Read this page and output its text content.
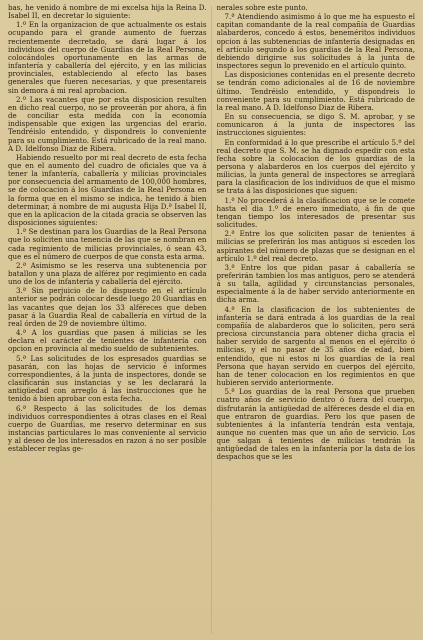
bas, he venido á nombre de mi excelsa hija la Reina D. Isabel II, en decretar lo siguiente:

1.º En la organizacion de que actualmente os estais ocupando para el grande aumento de fuerzas recientemente decretado, se dará lugar á los individuos del cuerpo de Guardias de la Real Persona, colocándoles oportunamente en las armas de infantería y caballería del ejército, y en las milicias provinciales, estableciendo al efecto las bases generales que fueren necesarias, y que presentareis sin demora á mi real aprobacion.

2.º Las vacantes que por esta disposicion resulten en dicho real cuerpo, no se proveerán por ahora, á fin de conciliar esta medida con la economía indispensable que exigen las urgencias del erario. Tendréislo entendido, y dispondreis lo conveniente para su cumplimiento. Está rubricado de la real mano. A D. Idelfonso Diaz de Ribera.

Habiendo resuelto por mi real decreto de esta fecha que en el aumento del cuadro de oficiales que va á tener la infantería, caballería y milicias provinciales por consecuencia del armamento de 100,000 hombres, se de colocacion á los Guardias de la Real Persona en la forma que en el mismo se indica, he tenido á bien determinar, á nombre de mi augusta Hija D.ª Isabel II, que en la aplicacion de la citada gracia se observen las disposiciones siguientes:

1.ª Se destinan para los Guardias de la Real Persona que lo soliciten una tenencia de las que se nombran en cada regimiento de milicias provinciales, ó sean 43, que es el número de cuerpos de que consta esta arma.

2.ª Asimismo se les reserva una subtenencia por batallon y una plaza de alférez por regimiento en cada uno de los de infantería y caballería del ejército.

3.ª Sin perjuicio de lo dispuesto en el artículo anterior se podrán colocar desde luego 20 Guardias en las vacantes que dejan los 33 alféreces que deben pasar á la Guardia Real de caballería en virtud de la real órden de 29 de noviembre último.

4.ª A los guardias que pasen á milicias se les declara el carácter de tenientes de infantería con opcion en provincia al medio sueldo de subtenientes.

5.ª Las solicitudes de los espresados guardias se pasarán, con las hojas de servicio é informes correspondientes, á la junta de inspectores, donde se clasificarán sus instancias y se les declarará la antigüedad con arreglo á las instrucciones que he tenido á bien aprobar con esta fecha.

6.ª Respecto á las solicitudes de los demas individuos correspondientes á otras clases en el Real cuerpo de Guardias, me reservo determinar en sus instancias particulares lo mas conveniente al servicio y al deseo de los interesados en razon á no ser posible establecer reglas ge-

nerales sobre este punto.

7.ª Atendiendo asimismo á lo que me ha espuesto el capitan comandante de la real compañía de Guardias alabarderos, concedo á estos, beneméritos individuos opcion á las subtenencias de infantería designadas en el artículo segundo á los guardias de la Real Persona, debiendo dirigirse sus solicitudes á la junta de inspectores segun lo prevenido en el artículo quinto.

Las disposiciones contenidas en el presente decreto se tendrán como adicionales al de 16 de noviembre último. Tendréislo entendido, y dispondreis lo conveniente para su cumplimiento. Está rubricado de la real mano. A D. Idelfonso Diaz de Ribera.

En su consecuencia, se digo S. M. aprobar, y se comunicaron á la junta de inspectores las instrucciones siguientes:

En conformidad á lo que prescribe el artículo 5.º del real decreto que S. M. se ha dignado espedir con esta fecha sobre la colocacion de los guardias de la persona y alabarderos en los cuerpos del ejército y milicias, la junta general de inspectores se arreglará para la clasificacion de los individuos de que el mismo se trata á las disposiciones que siguen:

1.ª No procederá á la clasificacion que se le comete hasta el dia 1.º de enero inmediato, á fin de que tengan tiempo los interesados de presentar sus solicitudes.

2.ª Entre los que soliciten pasar de tenientes á milicias se preferirán los mas antiguos si esceden los aspirantes del número de plazas que se designan en el artículo 1.º del real decreto.

3.ª Entre los que pidan pasar á caballería se preferirán tambien los mas antiguos, pero se atenderá á su talla, agilidad y circunstancias personales, especialmente á la de haber servido anteriormente en dicha arma.

4.ª En la clasificacion de los subtenientes de infantería se dará entrada á los guardias de la real compañía de alabarderos que lo soliciten, pero será preciosa circunstancia para obtener dicha gracia el haber servido de sargento al menos en el ejército ó milicias, y el no pasar de 35 años de edad, bien entendido, que ni estos ni los guardias de la real Persona que hayan servido en cuerpos del ejército, han de tener colocacion en los regimientos en que hubieren servido anteriormente.

5.ª Los guardias de la real Persona que prueben cuatro años de servicio dentro ó fuera del cuerpo, disfrutarán la antigüedad de alféreces desde el dia en que entraron de guardias. Pero los que pasen de subtenientes á la infantería tendrán esta ventaja, aunque no cuenten mas que un año de servicio. Los que salgan á tenientes de milicias tendrán la antigüedad de tales en la infantería por la data de los despachos que se les
